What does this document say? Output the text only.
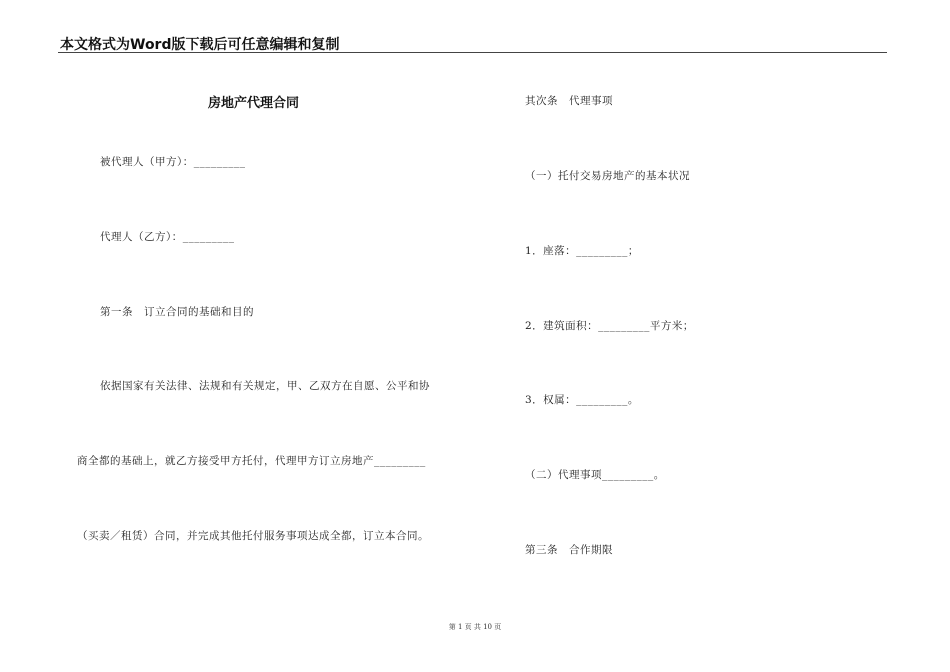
本文格式为Word版下载后可任意编辑和复制
房地产代理合同
被代理人（甲方）：_________
代理人（乙方）：_________
第一条　订立合同的基础和目的
依据国家有关法律、法规和有关规定，甲、乙双方在自愿、公平和协
商全都的基础上，就乙方接受甲方托付，代理甲方订立房地产_________
（买卖／租赁）合同，并完成其他托付服务事项达成全都，订立本合同。
其次条　代理事项
（一）托付交易房地产的基本状况
1．座落：_________；
2．建筑面积：_________平方米；
3．权属：_________。
（二）代理事项_________。
第三条　合作期限
第 1 页 共 10 页
